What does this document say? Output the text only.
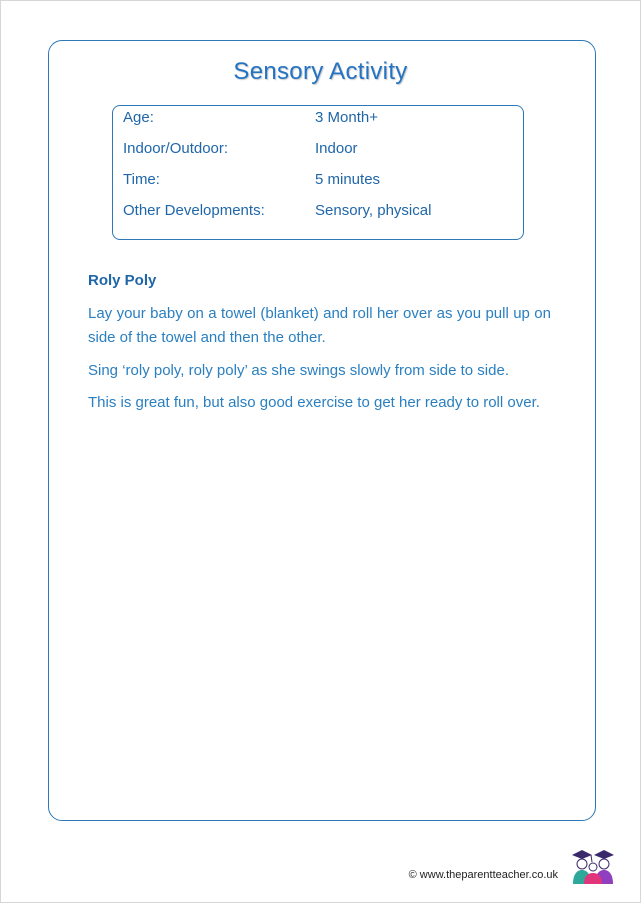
Sensory Activity
Age:	3 Month+
Indoor/Outdoor:	Indoor
Time:	5 minutes
Other Developments:	Sensory, physical
Roly Poly
Lay your baby on a towel (blanket) and roll her over as you pull up on side of the towel and then the other.
Sing ‘roly poly, roly poly’ as she swings slowly from side to side.
This is great fun, but also good exercise to get her ready to roll over.
© www.theparentteacher.co.uk
